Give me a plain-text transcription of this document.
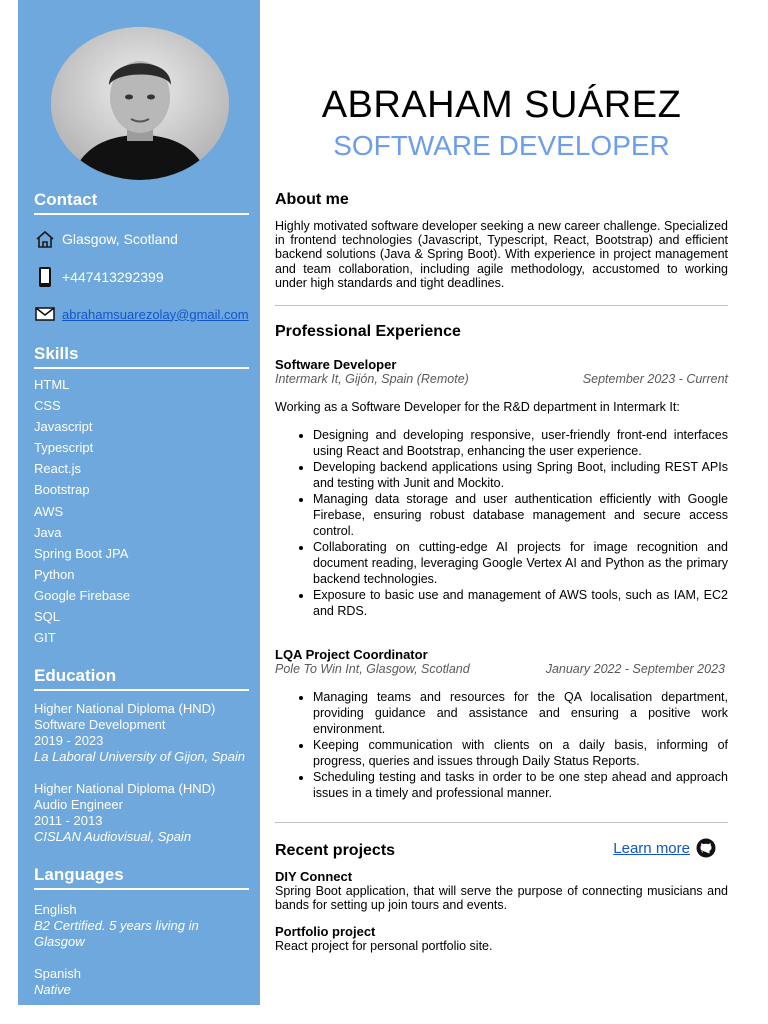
Contact
Glasgow, Scotland
+447413292399
abrahamsuarezolay@gmail.com
Skills
HTML
CSS
Javascript
Typescript
React.js
Bootstrap
AWS
Java
Spring Boot JPA
Python
Google Firebase
SQL
GIT
Education
Higher National Diploma (HND)
Software Development
2019 - 2023
La Laboral University of Gijon, Spain
Higher National Diploma (HND)
Audio Engineer
2011 - 2013
CISLAN Audiovisual, Spain
Languages
English
B2 Certified. 5 years living in Glasgow
Spanish
Native
ABRAHAM SUÁREZ
SOFTWARE DEVELOPER
About me

Highly motivated software developer seeking a new career challenge. Specialized in frontend technologies (Javascript, Typescript, React, Bootstrap) and efficient backend solutions (Java & Spring Boot). With experience in project management and team collaboration, including agile methodology, accustomed to working under high standards and tight deadlines.

Professional Experience
Software Developer
Intermark It, Gijón, Spain (Remote)	September 2023 - Current

Working as a Software Developer for the R&D department in Intermark It:

• Designing and developing responsive, user-friendly front-end interfaces using React and Bootstrap, enhancing the user experience.
• Developing backend applications using Spring Boot, including REST APIs and testing with Junit and Mockito.
• Managing data storage and user authentication efficiently with Google Firebase, ensuring robust database management and secure access control.
• Collaborating on cutting-edge AI projects for image recognition and document reading, leveraging Google Vertex AI and Python as the primary backend technologies.
• Exposure to basic use and management of AWS tools, such as IAM, EC2 and RDS.
LQA Project Coordinator
Pole To Win Int, Glasgow, Scotland	January 2022 - September 2023
• Managing teams and resources for the QA localisation department, providing guidance and assistance and ensuring a positive work environment.
• Keeping communication with clients on a daily basis, informing of progress, queries and issues through Daily Status Reports.
• Scheduling testing and tasks in order to be one step ahead and approach issues in a timely and professional manner.
Recent projects	Learn more
DIY Connect
Spring Boot application, that will serve the purpose of connecting musicians and bands for setting up join tours and events.
Portfolio project
React project for personal portfolio site.
